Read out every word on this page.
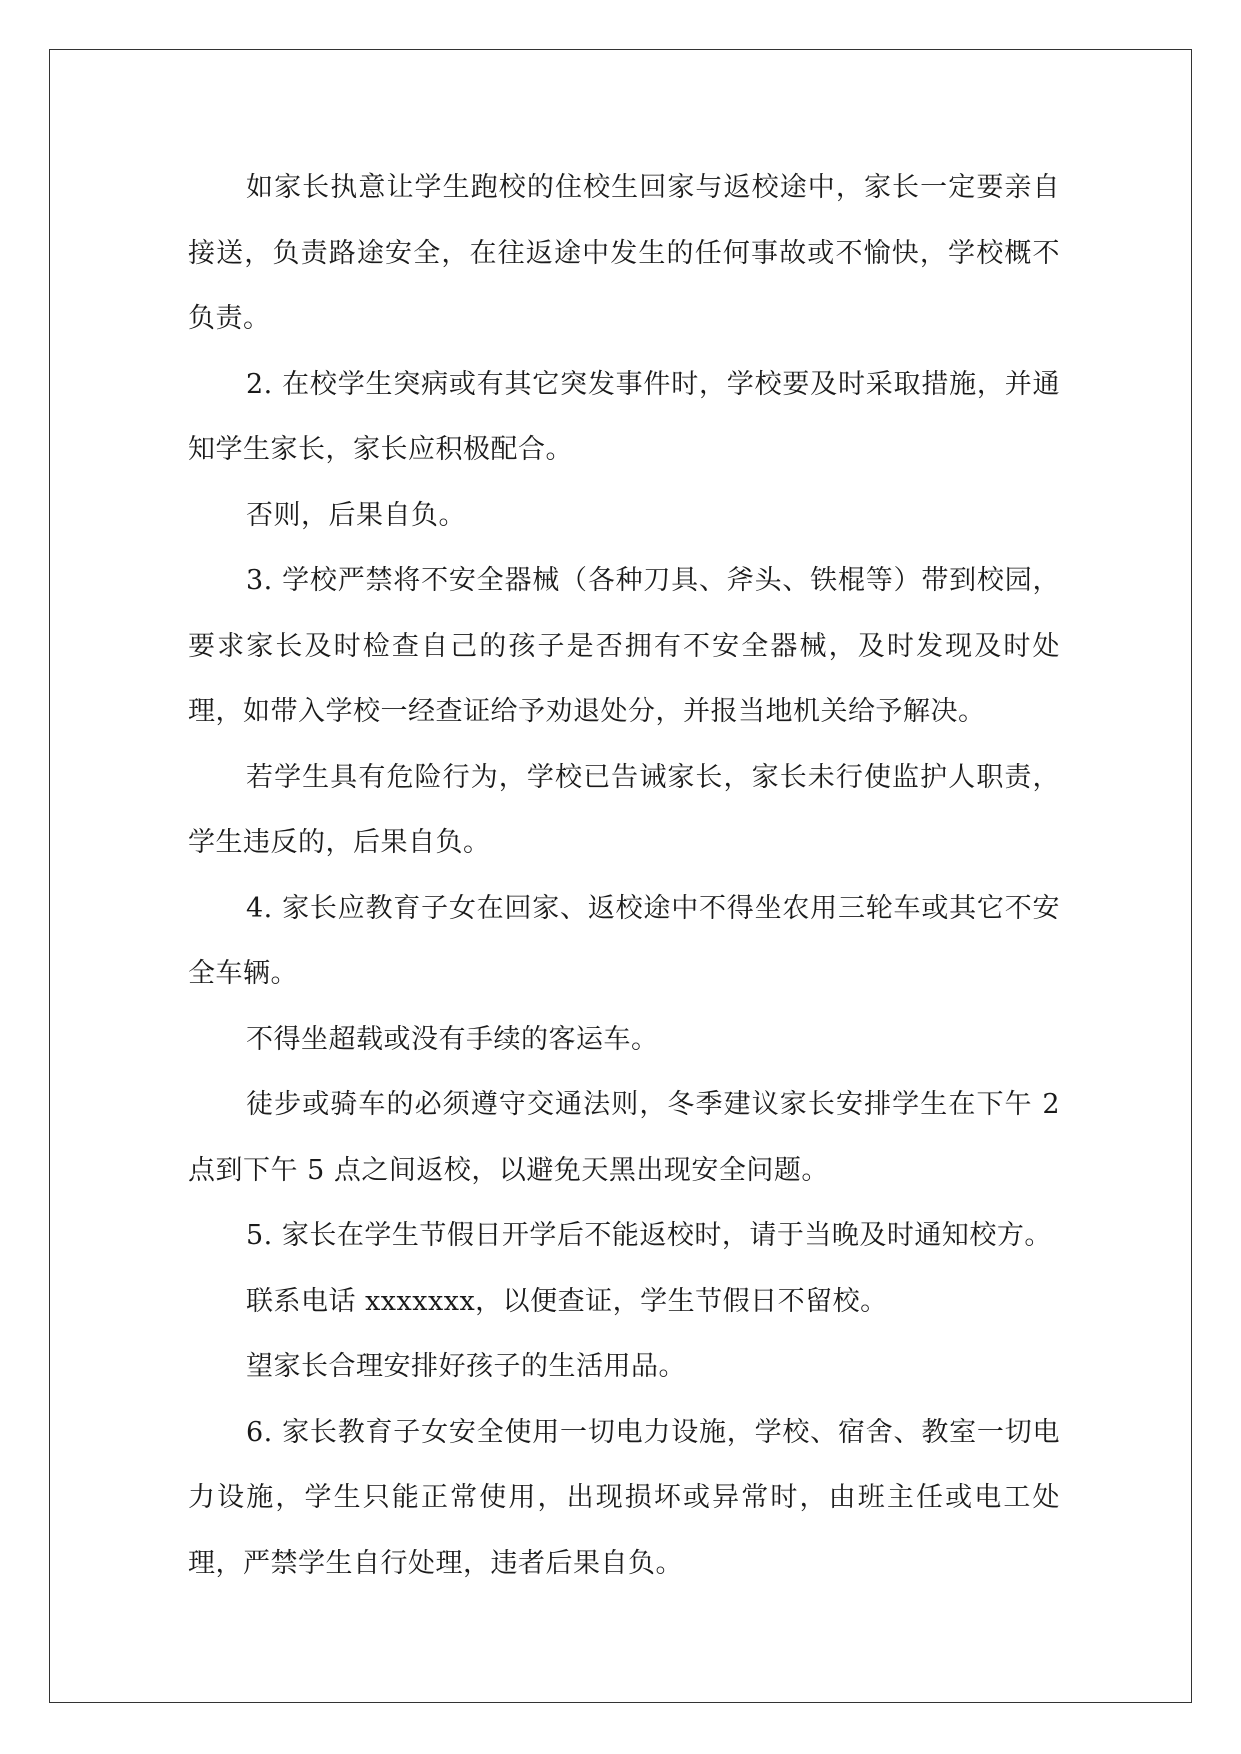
如家长执意让学生跑校的住校生回家与返校途中，家长一定要亲自接送，负责路途安全，在往返途中发生的任何事故或不愉快，学校概不负责。

2. 在校学生突病或有其它突发事件时，学校要及时采取措施，并通知学生家长，家长应积极配合。

否则，后果自负。

3. 学校严禁将不安全器械（各种刀具、斧头、铁棍等）带到校园，要求家长及时检查自己的孩子是否拥有不安全器械，及时发现及时处理，如带入学校一经查证给予劝退处分，并报当地机关给予解决。

若学生具有危险行为，学校已告诫家长，家长未行使监护人职责，学生违反的，后果自负。

4. 家长应教育子女在回家、返校途中不得坐农用三轮车或其它不安全车辆。

不得坐超载或没有手续的客运车。

徒步或骑车的必须遵守交通法则，冬季建议家长安排学生在下午 2 点到下午 5 点之间返校，以避免天黑出现安全问题。

5. 家长在学生节假日开学后不能返校时，请于当晚及时通知校方。

联系电话 xxxxxxx，以便查证，学生节假日不留校。

望家长合理安排好孩子的生活用品。

6. 家长教育子女安全使用一切电力设施，学校、宿舍、教室一切电力设施，学生只能正常使用，出现损坏或异常时，由班主任或电工处理，严禁学生自行处理，违者后果自负。
